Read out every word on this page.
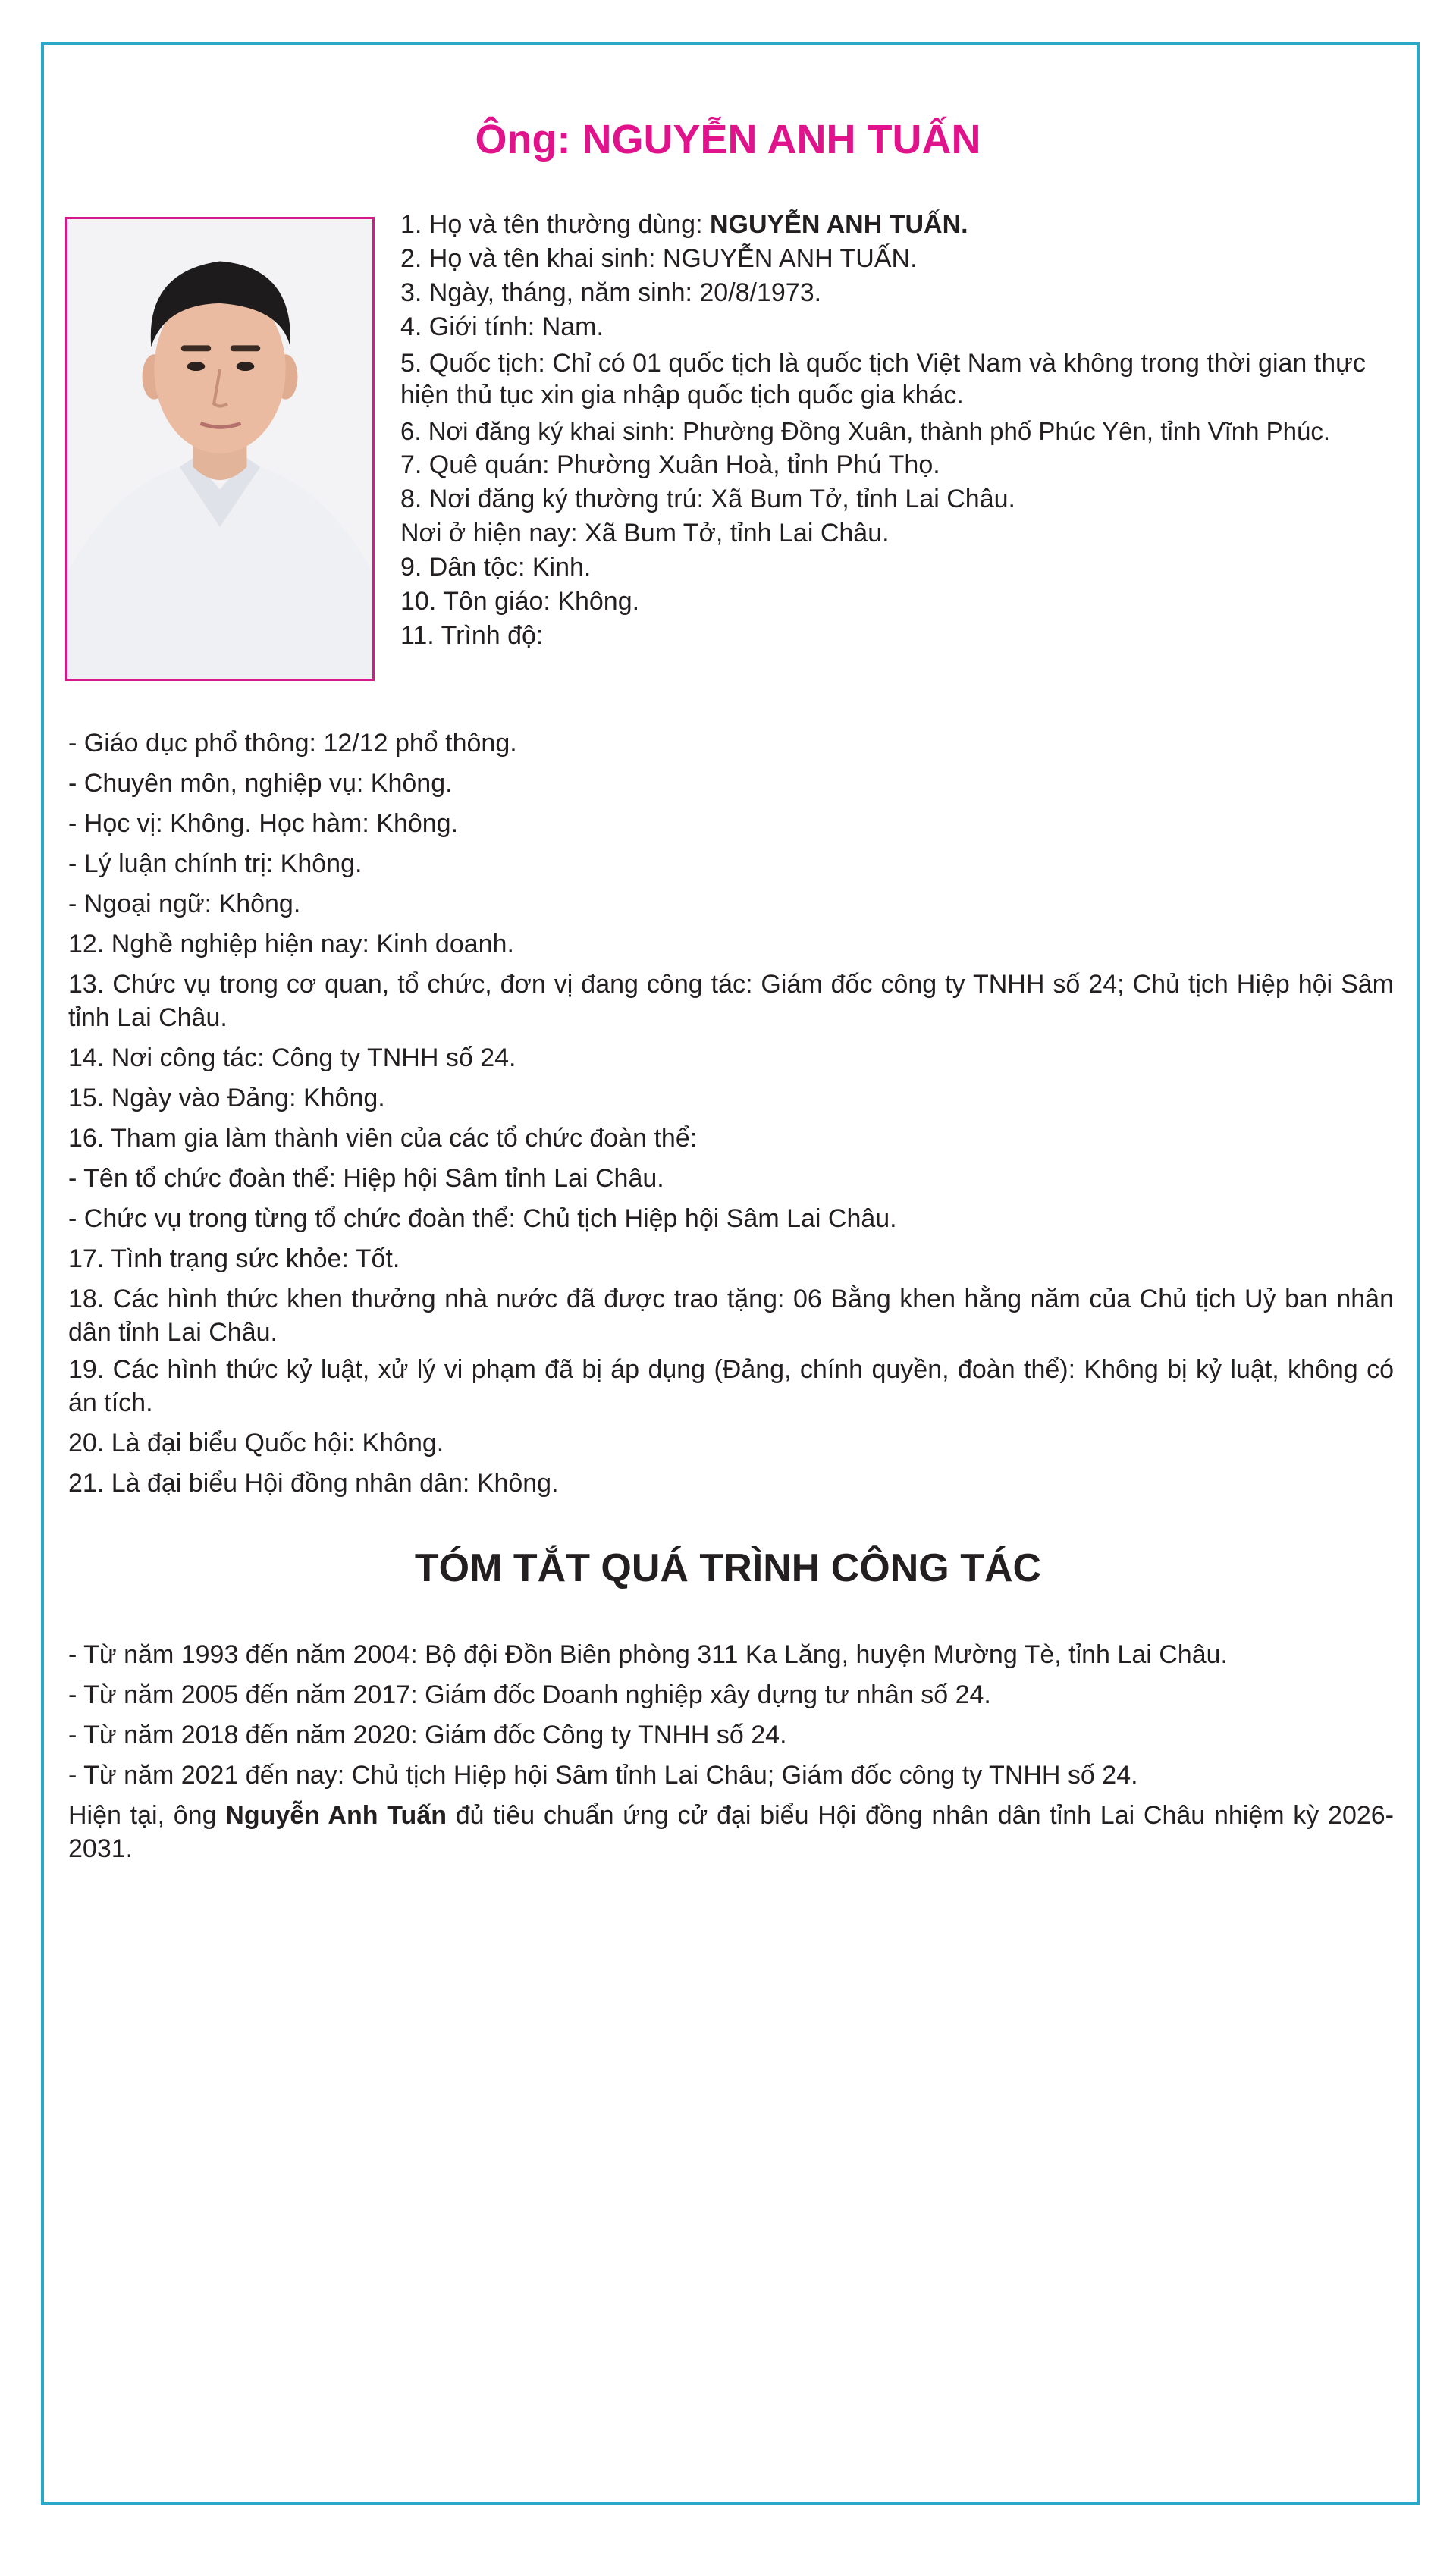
Ông: NGUYỄN ANH TUẤN
1. Họ và tên thường dùng: NGUYỄN ANH TUẤN.
2. Họ và tên khai sinh: NGUYỄN ANH TUẤN.
3. Ngày, tháng, năm sinh: 20/8/1973.
4. Giới tính: Nam.
5. Quốc tịch: Chỉ có 01 quốc tịch là quốc tịch Việt Nam và không trong thời gian thực hiện thủ tục xin gia nhập quốc tịch quốc gia khác.
6. Nơi đăng ký khai sinh: Phường Đồng Xuân, thành phố Phúc Yên, tỉnh Vĩnh Phúc.
7. Quê quán: Phường Xuân Hoà, tỉnh Phú Thọ.
8. Nơi đăng ký thường trú: Xã Bum Tở, tỉnh Lai Châu.
Nơi ở hiện nay: Xã Bum Tở, tỉnh Lai Châu.
9. Dân tộc: Kinh.
10. Tôn giáo: Không.
11. Trình độ:
- Giáo dục phổ thông: 12/12 phổ thông.
- Chuyên môn, nghiệp vụ: Không.
- Học vị: Không. Học hàm: Không.
- Lý luận chính trị: Không.
- Ngoại ngữ: Không.
12. Nghề nghiệp hiện nay: Kinh doanh.
13. Chức vụ trong cơ quan, tổ chức, đơn vị đang công tác: Giám đốc công ty TNHH số 24; Chủ tịch Hiệp hội Sâm tỉnh Lai Châu.
14. Nơi công tác: Công ty TNHH số 24.
15. Ngày vào Đảng: Không.
16. Tham gia làm thành viên của các tổ chức đoàn thể:
- Tên tổ chức đoàn thể: Hiệp hội Sâm tỉnh Lai Châu.
- Chức vụ trong từng tổ chức đoàn thể: Chủ tịch Hiệp hội Sâm Lai Châu.
17. Tình trạng sức khỏe: Tốt.
18. Các hình thức khen thưởng nhà nước đã được trao tặng: 06 Bằng khen hằng năm của Chủ tịch Uỷ ban nhân dân tỉnh Lai Châu.
19. Các hình thức kỷ luật, xử lý vi phạm đã bị áp dụng (Đảng, chính quyền, đoàn thể): Không bị kỷ luật, không có án tích.
20. Là đại biểu Quốc hội: Không.
21. Là đại biểu Hội đồng nhân dân: Không.
TÓM TẮT QUÁ TRÌNH CÔNG TÁC
- Từ năm 1993 đến năm 2004: Bộ đội Đồn Biên phòng 311 Ka Lăng, huyện Mường Tè, tỉnh Lai Châu.
- Từ năm 2005 đến năm 2017: Giám đốc Doanh nghiệp xây dựng tư nhân số 24.
- Từ năm 2018 đến năm 2020: Giám đốc Công ty TNHH số 24.
- Từ năm 2021 đến nay: Chủ tịch Hiệp hội Sâm tỉnh Lai Châu; Giám đốc công ty TNHH số 24.
Hiện tại, ông Nguyễn Anh Tuấn đủ tiêu chuẩn ứng cử đại biểu Hội đồng nhân dân tỉnh Lai Châu nhiệm kỳ 2026-2031.
